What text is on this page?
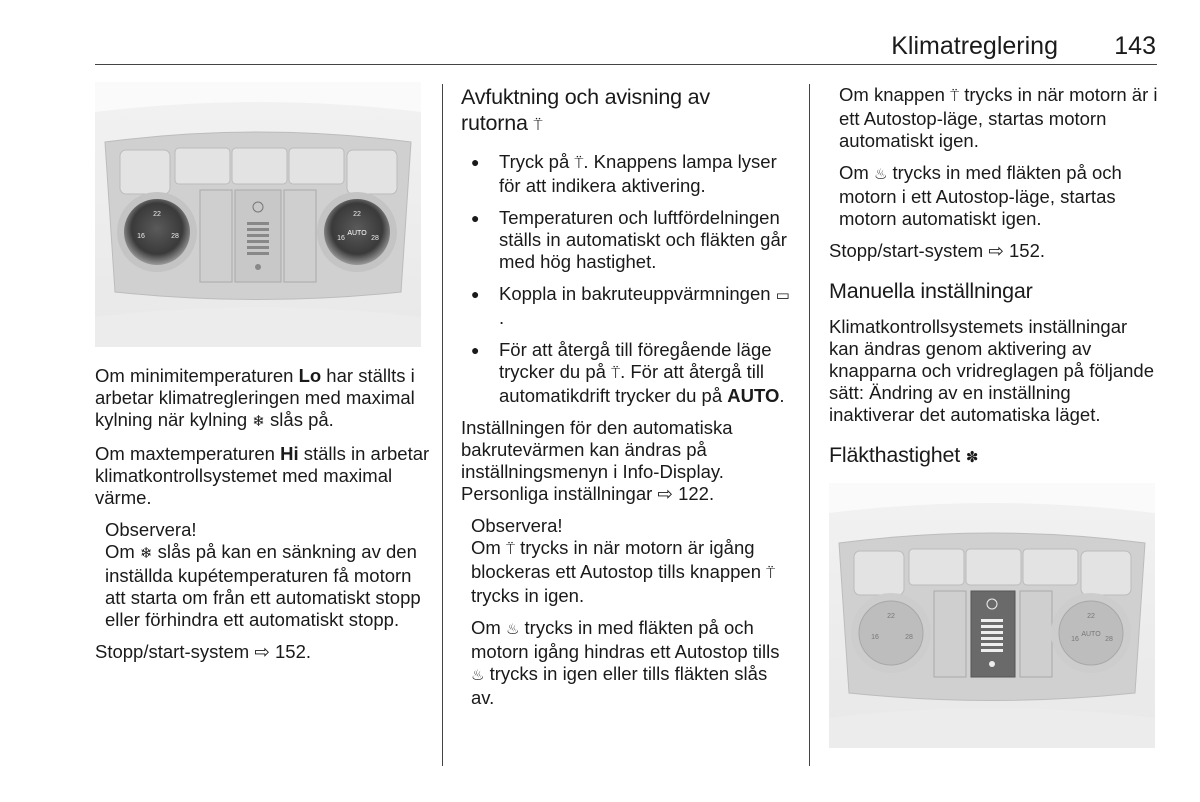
Klimatreglering 143
22
16	28
22
AUTO
16	28

Om minimitemperaturen Lo har ställts i arbetar klimatregleringen med maximal kylning när kylning ❄ slås på.

Om maxtemperaturen Hi ställs in arbetar klimatkontrollsystemet med maximal värme.

Observera!

Om ❄ slås på kan en sänkning av den inställda kupétemperaturen få motorn att starta om från ett automatiskt stopp eller förhindra ett automatiskt stopp.

Stopp/start-system ⇨ 152.

Avfuktning och avisning av
rutorna ⍡
● Tryck på ⍡. Knappens lampa lyser för att indikera aktivering.
● Temperaturen och luftfördelningen ställs in automatiskt och fläkten går med hög hastighet.
● Koppla in bakruteuppvärmningen ▭.
● För att återgå till föregående läge trycker du på ⍡. För att återgå till automatikdrift trycker du på AUTO.

Inställningen för den automatiska bakrutevärmen kan ändras på inställningsmenyn i Info-Display. Personliga inställningar ⇨ 122.

Observera!

Om ⍡ trycks in när motorn är igång blockeras ett Autostop tills knappen ⍡ trycks in igen.

Om ♨ trycks in med fläkten på och motorn igång hindras ett Autostop tills ♨ trycks in igen eller tills fläkten slås av.

Om knappen ⍡ trycks in när motorn är i ett Autostop-läge, startas motorn automatiskt igen.

Om ♨ trycks in med fläkten på och motorn i ett Autostop-läge, startas motorn automatiskt igen.

Stopp/start-system ⇨ 152.

Manuella inställningar

Klimatkontrollsystemets inställningar kan ändras genom aktivering av knapparna och vridreglagen på följande sätt: Ändring av en inställning inaktiverar det automatiska läget.

Fläkthastighet ✽
22
16	28
22
AUTO
16	28
